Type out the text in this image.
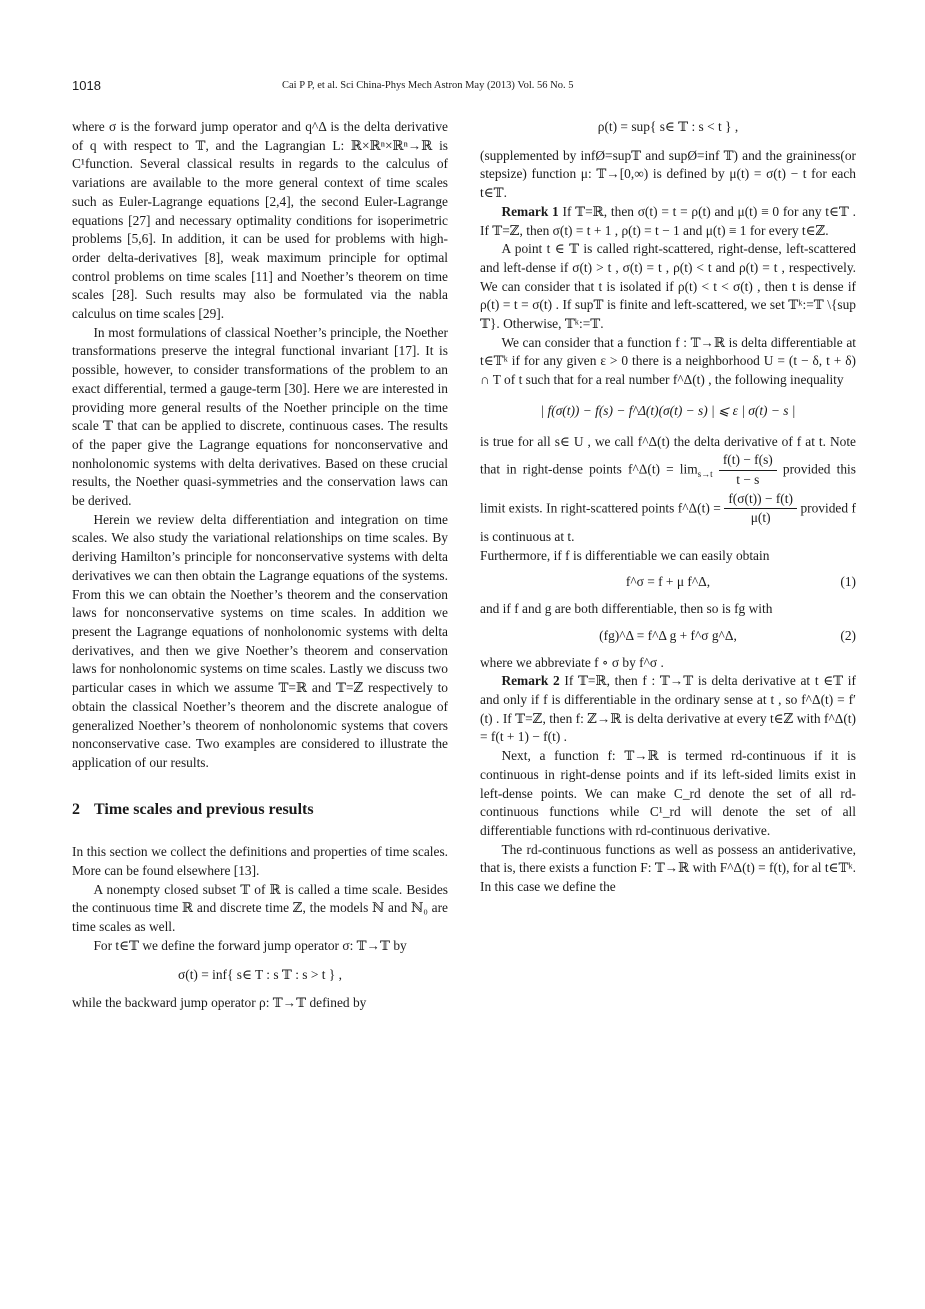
1018	Cai P P, et al. Sci China-Phys Mech Astron May (2013) Vol. 56 No. 5

where σ is the forward jump operator and q^Δ is the delta derivative of q with respect to 𝕋, and the Lagrangian L: ℝ×ℝⁿ×ℝⁿ→ℝ is C¹function. Several classical results in regards to the calculus of variations are available to the more general context of time scales such as Euler-Lagrange equations [2,4], the second Euler-Lagrange equations [27] and necessary optimality conditions for isoperimetric problems [5,6]. In addition, it can be used for problems with high-order delta-derivatives [8], weak maximum principle for optimal control problems on time scales [11] and Noether’s theorem on time scales [28]. Such results may also be formulated via the nabla calculus on time scales [29].

In most formulations of classical Noether’s principle, the Noether transformations preserve the integral functional invariant [17]. It is possible, however, to consider transformations of the problem to an exact differential, termed a gauge-term [30]. Here we are interested in providing more general results of the Noether principle on the time scale 𝕋 that can be applied to discrete, continuous cases. The results of the paper give the Lagrange equations for nonconservative and nonholonomic systems with delta derivatives. Based on these crucial results, the Noether quasi-symmetries and the conservation laws can be derived.

Herein we review delta differentiation and integration on time scales. We also study the variational relationships on time scales. By deriving Hamilton’s principle for nonconservative systems with delta derivatives we can then obtain the Lagrange equations of the systems. From this we can obtain the Noether’s theorem and the conservation laws for nonconservative systems on time scales. In addition we present the Lagrange equations of nonholonomic systems with delta derivatives, and then we give Noether’s theorem and conservation laws for nonholonomic systems on time scales. Lastly we discuss two particular cases in which we assume 𝕋=ℝ and 𝕋=ℤ respectively to obtain the classical Noether’s theorem and the discrete analogue of generalized Noether’s theorem of nonholonomic systems that covers nonconservative case. Two examples are considered to illustrate the application of our results.

2 Time scales and previous results

In this section we collect the definitions and properties of time scales. More can be found elsewhere [13].

A nonempty closed subset 𝕋 of ℝ is called a time scale. Besides the continuous time ℝ and discrete time ℤ, the models ℕ and ℕ₀ are time scales as well.

For t∈𝕋 we define the forward jump operator σ: 𝕋→𝕋 by

σ(t) = inf{ s∈ T : s 𝕋 : s > t } ,

while the backward jump operator ρ: 𝕋→𝕋 defined by

ρ(t) = sup{ s∈ 𝕋 : s < t } ,

(supplemented by infØ=sup𝕋 and supØ=inf 𝕋) and the graininess(or stepsize) function μ: 𝕋→[0,∞) is defined by μ(t) = σ(t) − t for each t∈𝕋.

Remark 1 If 𝕋=ℝ, then σ(t) = t = ρ(t) and μ(t) ≡ 0 for any t∈𝕋 . If 𝕋=ℤ, then σ(t) = t + 1 , ρ(t) = t − 1 and μ(t) ≡ 1 for every t∈ℤ.

A point t ∈ 𝕋 is called right-scattered, right-dense, left-scattered and left-dense if σ(t) > t , σ(t) = t , ρ(t) < t and ρ(t) = t , respectively. We can consider that t is isolated if ρ(t) < t < σ(t) , then t is dense if ρ(t) = t = σ(t) . If sup𝕋 is finite and left-scattered, we set 𝕋ᵏ:=𝕋 \{sup 𝕋}. Otherwise, 𝕋ᵏ:=𝕋.

We can consider that a function f : 𝕋→ℝ is delta differentiable at t∈𝕋ᵏ if for any given ε > 0 there is a neighborhood U = (t − δ, t + δ) ∩ T of t such that for a real number f^Δ(t) , the following inequality

| f(σ(t)) − f(s) − f^Δ(t)(σ(t) − s) | ⩽ ε | σ(t) − s |

is true for all s∈ U , we call f^Δ(t) the delta derivative of f at t. Note that in right-dense points f^Δ(t) = $\lim_{s\to t} \frac{f(t) - f(s)}{t - s}$ provided this limit exists. In right-scattered points f^Δ(t) = $\frac{f(\sigma(t)) - f(t)}{\mu(t)}$ provided f is continuous at t.

Furthermore, if f is differentiable we can easily obtain

f^σ = f + μ f^Δ,	(1)

and if f and g are both differentiable, then so is fg with

(fg)^Δ = f^Δ g + f^σ g^Δ,	(2)

where we abbreviate f ∘ σ by f^σ .

Remark 2 If 𝕋=ℝ, then f : 𝕋→𝕋 is delta derivative at t ∈𝕋 if and only if f is differentiable in the ordinary sense at t , so f^Δ(t) = f′(t) . If 𝕋=ℤ, then f: ℤ→ℝ is delta derivative at every t∈ℤ with f^Δ(t) = f(t + 1) − f(t) .

Next, a function f: 𝕋→ℝ is termed rd-continuous if it is continuous in right-dense points and if its left-sided limits exist in left-dense points. We can make C_rd denote the set of all rd-continuous functions while C¹_rd will denote the set of all differentiable functions with rd-continuous derivative.

The rd-continuous functions as well as possess an antiderivative, that is, there exists a function F: 𝕋→ℝ with F^Δ(t) = f(t), for al t∈𝕋ᵏ. In this case we define the
